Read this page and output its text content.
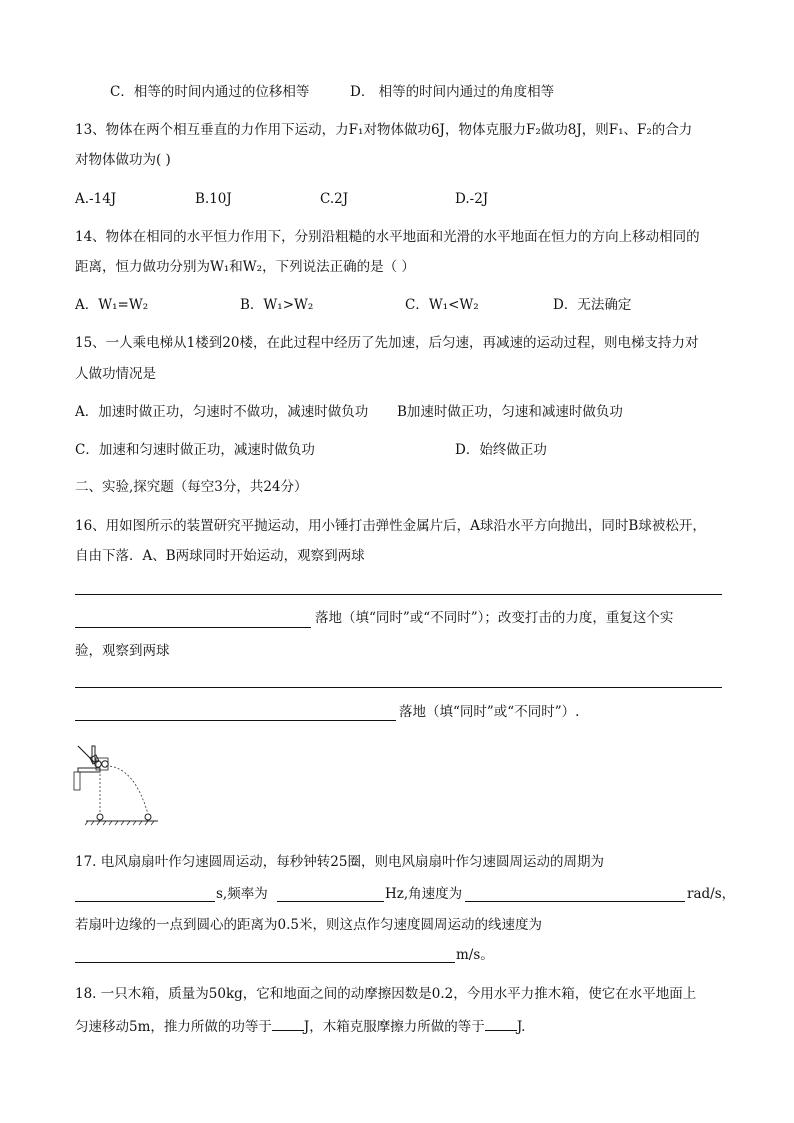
C．相等的时间内通过的位移相等	D． 相等的时间内通过的角度相等
13、物体在两个相互垂直的力作用下运动，力F₁对物体做功6J，物体克服力F₂做功8J，则F₁、F₂的合力
对物体做功为( )
A.-14J	B.10J	C.2J	D.-2J
14、物体在相同的水平恒力作用下，分别沿粗糙的水平地面和光滑的水平地面在恒力的方向上移动相同的
距离，恒力做功分别为W₁和W₂，下列说法正确的是（ ）
A．W₁=W₂	B．W₁>W₂	C．W₁<W₂	D．无法确定
15、一人乘电梯从1楼到20楼，在此过程中经历了先加速，后匀速，再减速的运动过程，则电梯支持力对
人做功情况是
A．加速时做正功，匀速时不做功，减速时做负功 B加速时做正功，匀速和减速时做负功
C．加速和匀速时做正功，减速时做负功	D．始终做正功
二、实验,探究题（每空3分，共24分）
16、用如图所示的装置研究平抛运动，用小锤打击弹性金属片后，A球沿水平方向抛出，同时B球被松开，
自由下落．A、B两球同时开始运动，观察到两球
落地（填“同时”或“不同时”）；改变打击的力度，重复这个实
验，观察到两球
落地（填“同时”或“不同时”）.
17. 电风扇扇叶作匀速圆周运动，每秒钟转25圈，则电风扇扇叶作匀速圆周运动的周期为
s,频率为	Hz,角速度为	rad/s，
若扇叶边缘的一点到圆心的距离为0.5米，则这点作匀速度圆周运动的线速度为
m/s。
18. 一只木箱，质量为50kg，它和地面之间的动摩擦因数是0.2，今用水平力推木箱，使它在水平地面上
匀速移动5m，推力所做的功等于 J，木箱克服摩擦力所做的等于 J.
